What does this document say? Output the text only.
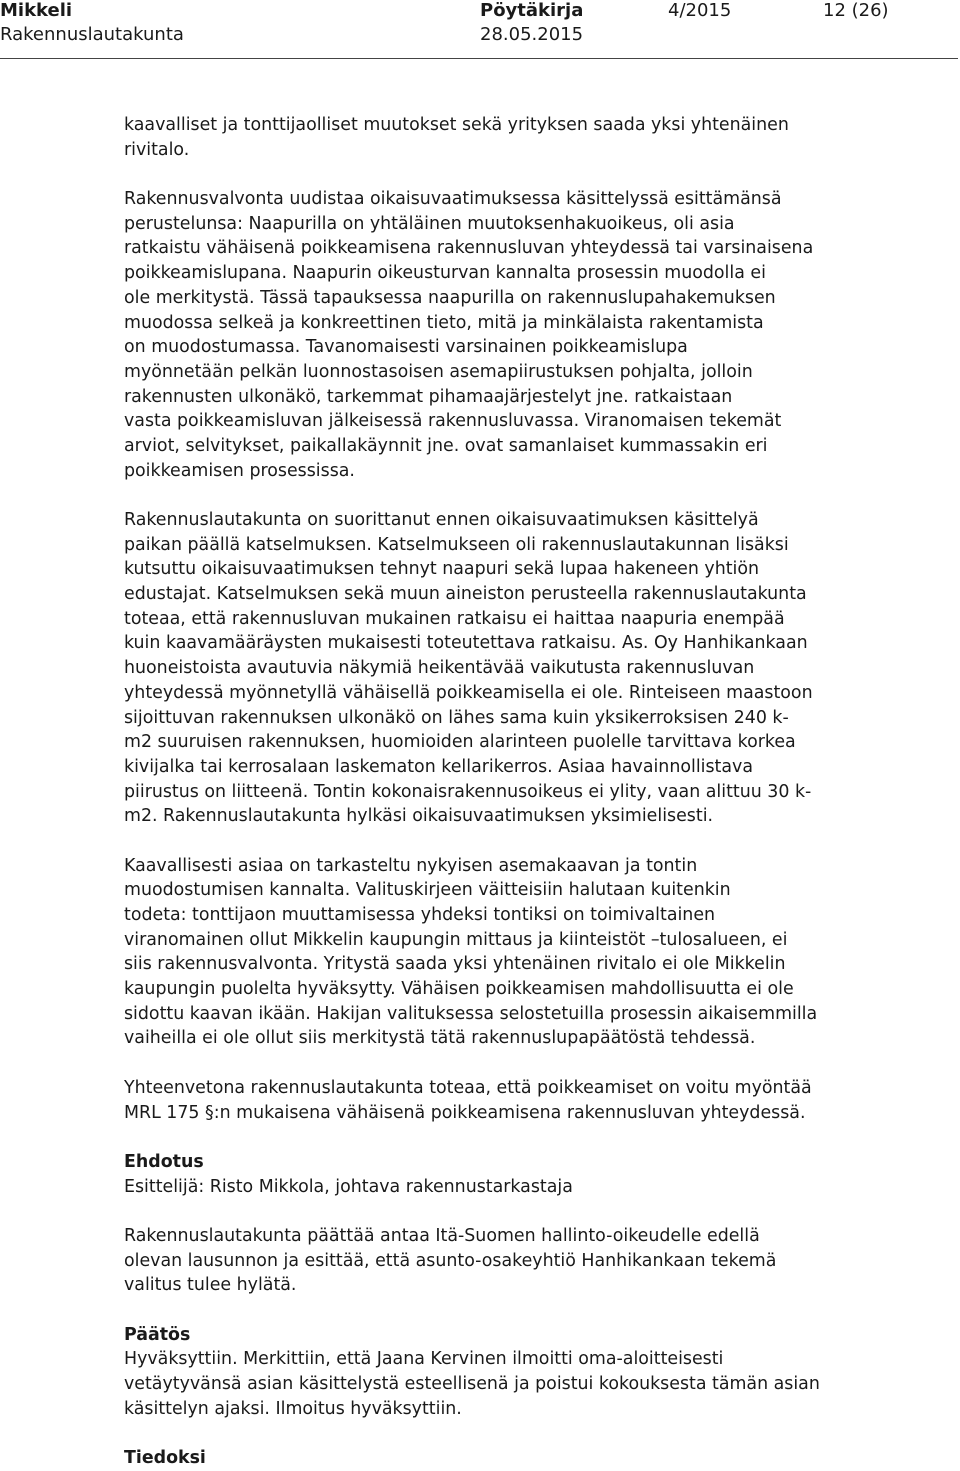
Mikkeli
Rakennuslautakunta
Pöytäkirja
28.05.2015
4/2015	12 (26)

kaavalliset ja tonttijaolliset muutokset sekä yrityksen saada yksi yhtenäinen
rivitalo.

Rakennusvalvonta uudistaa oikaisuvaatimuksessa käsittelyssä esittämänsä
perustelunsa: Naapurilla on yhtäläinen muutoksenhakuoikeus, oli asia
ratkaistu vähäisenä poikkeamisena rakennusluvan yhteydessä tai varsinaisena
poikkeamislupana. Naapurin oikeusturvan kannalta prosessin muodolla ei
ole merkitystä. Tässä tapauksessa naapurilla on rakennuslupahakemuksen
muodossa selkeä ja konkreettinen tieto, mitä ja minkälaista rakentamista
on muodostumassa. Tavanomaisesti varsinainen poikkeamislupa
myönnetään pelkän luonnostasoisen asemapiirustuksen pohjalta, jolloin
rakennusten ulkonäkö, tarkemmat pihamaajärjestelyt jne. ratkaistaan
vasta poikkeamisluvan jälkeisessä rakennusluvassa. Viranomaisen tekemät
arviot, selvitykset, paikallakäynnit jne. ovat samanlaiset kummassakin eri
poikkeamisen prosessissa.

Rakennuslautakunta on suorittanut ennen oikaisuvaatimuksen käsittelyä
paikan päällä katselmuksen. Katselmukseen oli rakennuslautakunnan lisäksi
kutsuttu oikaisuvaatimuksen tehnyt naapuri sekä lupaa hakeneen yhtiön
edustajat. Katselmuksen sekä muun aineiston perusteella rakennuslautakunta
toteaa, että rakennusluvan mukainen ratkaisu ei haittaa naapuria enempää
kuin kaavamääräysten mukaisesti toteutettava ratkaisu. As. Oy Hanhikankaan
huoneistoista avautuvia näkymiä heikentävää vaikutusta rakennusluvan
yhteydessä myönnetyllä vähäisellä poikkeamisella ei ole. Rinteiseen maastoon
sijoittuvan rakennuksen ulkonäkö on lähes sama kuin yksikerroksisen 240 k-
m2 suuruisen rakennuksen, huomioiden alarinteen puolelle tarvittava korkea
kivijalka tai kerrosalaan laskematon kellarikerros. Asiaa havainnollistava
piirustus on liitteenä. Tontin kokonaisrakennusoikeus ei ylity, vaan alittuu 30 k-
m2. Rakennuslautakunta hylkäsi oikaisuvaatimuksen yksimielisesti.

Kaavallisesti asiaa on tarkasteltu nykyisen asemakaavan ja tontin
muodostumisen kannalta. Valituskirjeen väitteisiin halutaan kuitenkin
todeta: tonttijaon muuttamisessa yhdeksi tontiksi on toimivaltainen
viranomainen ollut Mikkelin kaupungin mittaus ja kiinteistöt –tulosalueen, ei
siis rakennusvalvonta. Yritystä saada yksi yhtenäinen rivitalo ei ole Mikkelin
kaupungin puolelta hyväksytty. Vähäisen poikkeamisen mahdollisuutta ei ole
sidottu kaavan ikään. Hakijan valituksessa selostetuilla prosessin aikaisemmilla
vaiheilla ei ole ollut siis merkitystä tätä rakennuslupapäätöstä tehdessä.

Yhteenvetona rakennuslautakunta toteaa, että poikkeamiset on voitu myöntää
MRL 175 §:n mukaisena vähäisenä poikkeamisena rakennusluvan yhteydessä.

Ehdotus
Esittelijä: Risto Mikkola, johtava rakennustarkastaja

Rakennuslautakunta päättää antaa Itä-Suomen hallinto-oikeudelle edellä
olevan lausunnon ja esittää, että asunto-osakeyhtiö Hanhikankaan tekemä
valitus tulee hylätä.

Päätös
Hyväksyttiin. Merkittiin, että Jaana Kervinen ilmoitti oma-aloitteisesti
vetäytyvänsä asian käsittelystä esteellisenä ja poistui kokouksesta tämän asian
käsittelyn ajaksi. Ilmoitus hyväksyttiin.

Tiedoksi
